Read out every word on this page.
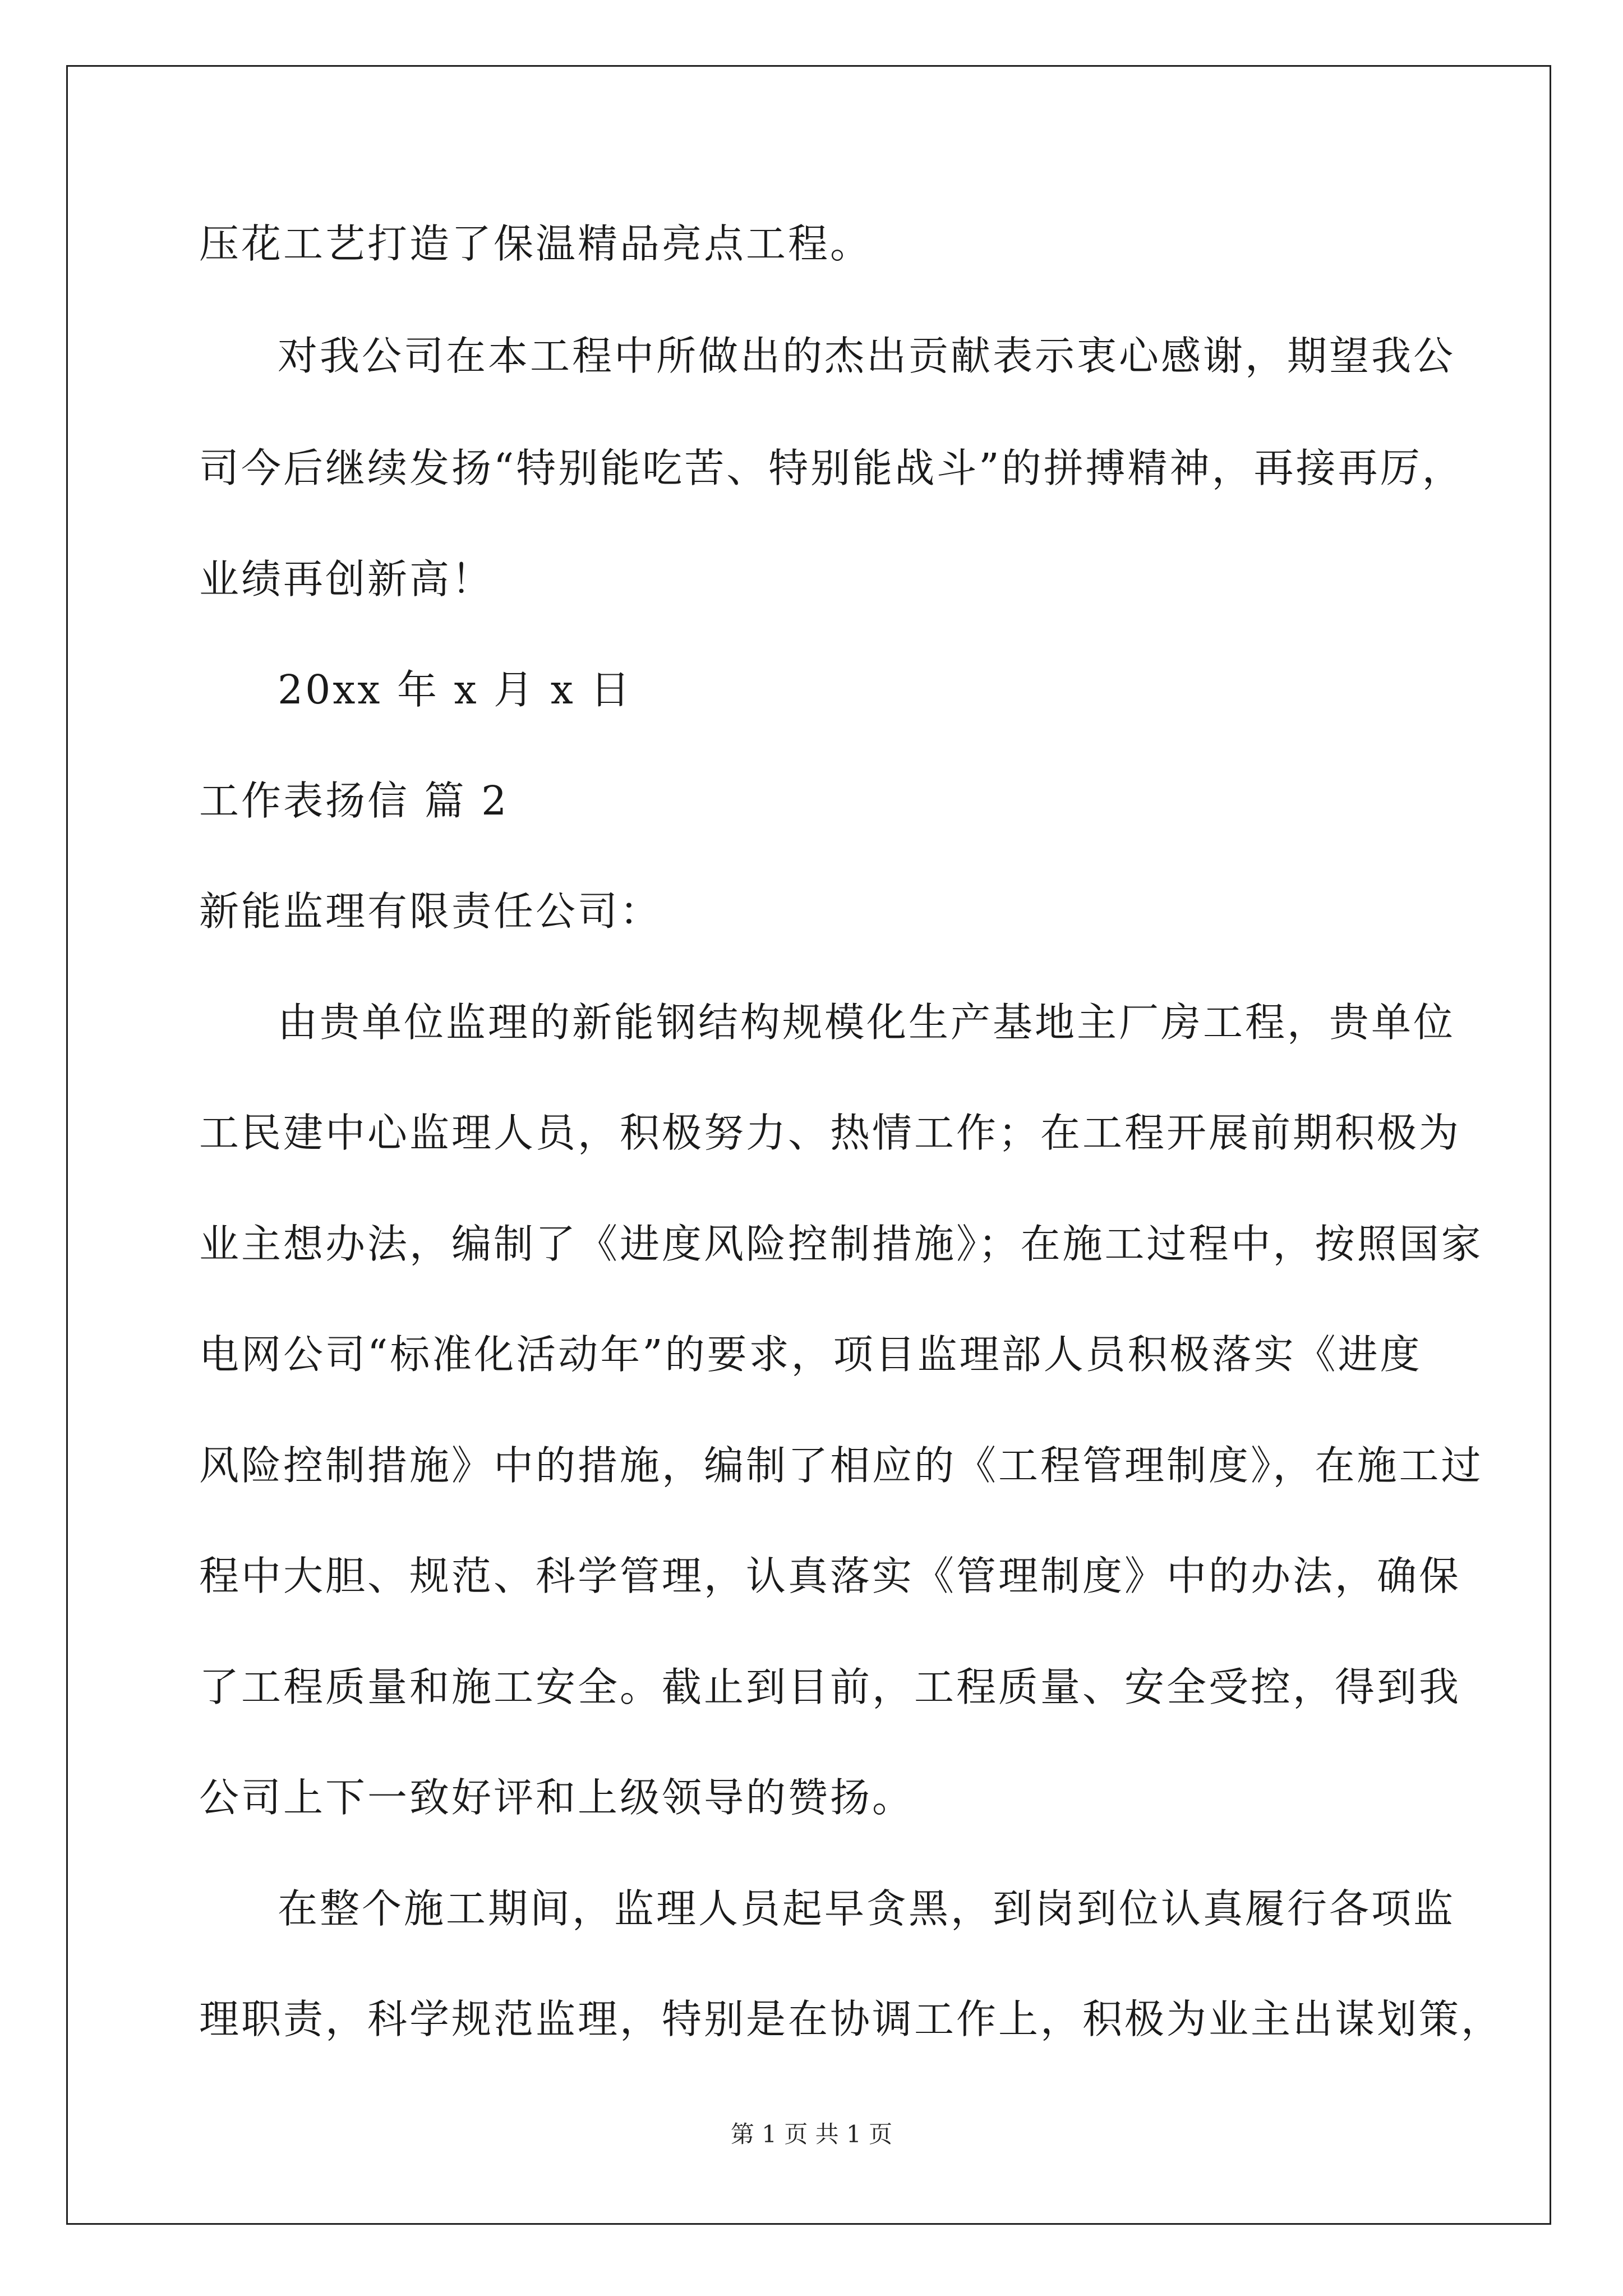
压花工艺打造了保温精品亮点工程。
对我公司在本工程中所做出的杰出贡献表示衷心感谢，期望我公
司今后继续发扬“特别能吃苦、特别能战斗”的拼搏精神，再接再厉，
业绩再创新高！
20xx 年 x 月 x 日
工作表扬信 篇 2
新能监理有限责任公司：
由贵单位监理的新能钢结构规模化生产基地主厂房工程，贵单位
工民建中心监理人员，积极努力、热情工作；在工程开展前期积极为
业主想办法，编制了《进度风险控制措施》；在施工过程中，按照国家
电网公司“标准化活动年”的要求，项目监理部人员积极落实《进度
风险控制措施》中的措施，编制了相应的《工程管理制度》，在施工过
程中大胆、规范、科学管理，认真落实《管理制度》中的办法，确保
了工程质量和施工安全。截止到目前，工程质量、安全受控，得到我
公司上下一致好评和上级领导的赞扬。
在整个施工期间，监理人员起早贪黑，到岗到位认真履行各项监
理职责，科学规范监理，特别是在协调工作上，积极为业主出谋划策，
第 1 页 共 1 页
